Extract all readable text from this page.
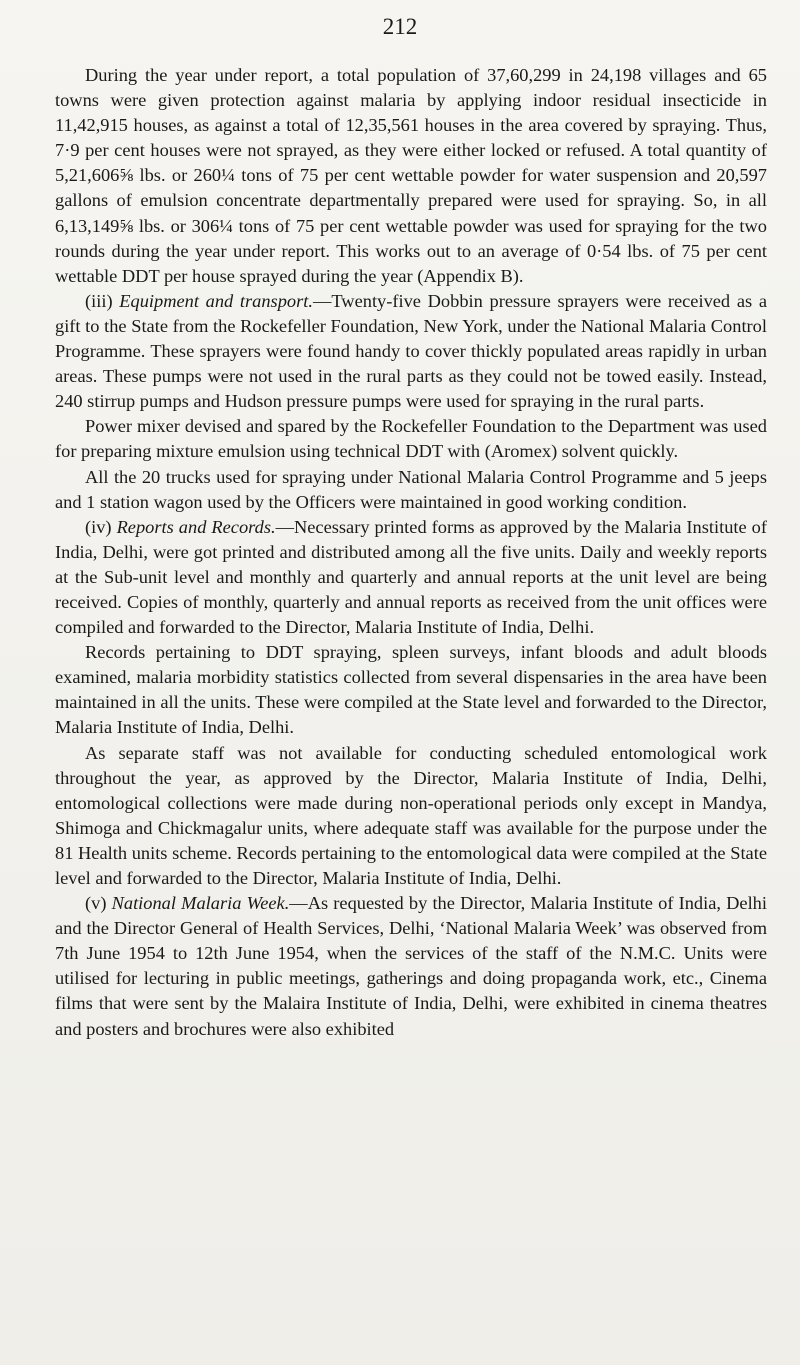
212

During the year under report, a total population of 37,60,299 in 24,198 villages and 65 towns were given protection against malaria by applying indoor residual insecticide in 11,42,915 houses, as against a total of 12,35,561 houses in the area covered by spraying. Thus, 7·9 per cent houses were not sprayed, as they were either locked or refused. A total quantity of 5,21,606⅝ lbs. or 260¼ tons of 75 per cent wettable powder for water suspension and 20,597 gallons of emulsion concentrate departmentally prepared were used for spraying. So, in all 6,13,149⅝ lbs. or 306¼ tons of 75 per cent wettable powder was used for spraying for the two rounds during the year under report. This works out to an average of 0·54 lbs. of 75 per cent wettable DDT per house sprayed during the year (Appendix B).

(iii) Equipment and transport.—Twenty-five Dobbin pressure sprayers were received as a gift to the State from the Rockefeller Foundation, New York, under the National Malaria Control Programme. These sprayers were found handy to cover thickly populated areas rapidly in urban areas. These pumps were not used in the rural parts as they could not be towed easily. Instead, 240 stirrup pumps and Hudson pressure pumps were used for spraying in the rural parts.

Power mixer devised and spared by the Rockefeller Foundation to the Department was used for preparing mixture emulsion using technical DDT with (Aromex) solvent quickly.

All the 20 trucks used for spraying under National Malaria Control Programme and 5 jeeps and 1 station wagon used by the Officers were maintained in good working condition.

(iv) Reports and Records.—Necessary printed forms as approved by the Malaria Institute of India, Delhi, were got printed and distributed among all the five units. Daily and weekly reports at the Sub-unit level and monthly and quarterly and annual reports at the unit level are being received. Copies of monthly, quarterly and annual reports as received from the unit offices were compiled and forwarded to the Director, Malaria Institute of India, Delhi.

Records pertaining to DDT spraying, spleen surveys, infant bloods and adult bloods examined, malaria morbidity statistics collected from several dispensaries in the area have been maintained in all the units. These were compiled at the State level and forwarded to the Director, Malaria Institute of India, Delhi.

As separate staff was not available for conducting scheduled entomological work throughout the year, as approved by the Director, Malaria Institute of India, Delhi, entomological collections were made during non-operational periods only except in Mandya, Shimoga and Chickmagalur units, where adequate staff was available for the purpose under the 81 Health units scheme. Records pertaining to the entomological data were compiled at the State level and forwarded to the Director, Malaria Institute of India, Delhi.

(v) National Malaria Week.—As requested by the Director, Malaria Institute of India, Delhi and the Director General of Health Services, Delhi, ‘National Malaria Week’ was observed from 7th June 1954 to 12th June 1954, when the services of the staff of the N.M.C. Units were utilised for lecturing in public meetings, gatherings and doing propaganda work, etc., Cinema films that were sent by the Malaira Institute of India, Delhi, were exhibited in cinema theatres and posters and brochures were also exhibited
